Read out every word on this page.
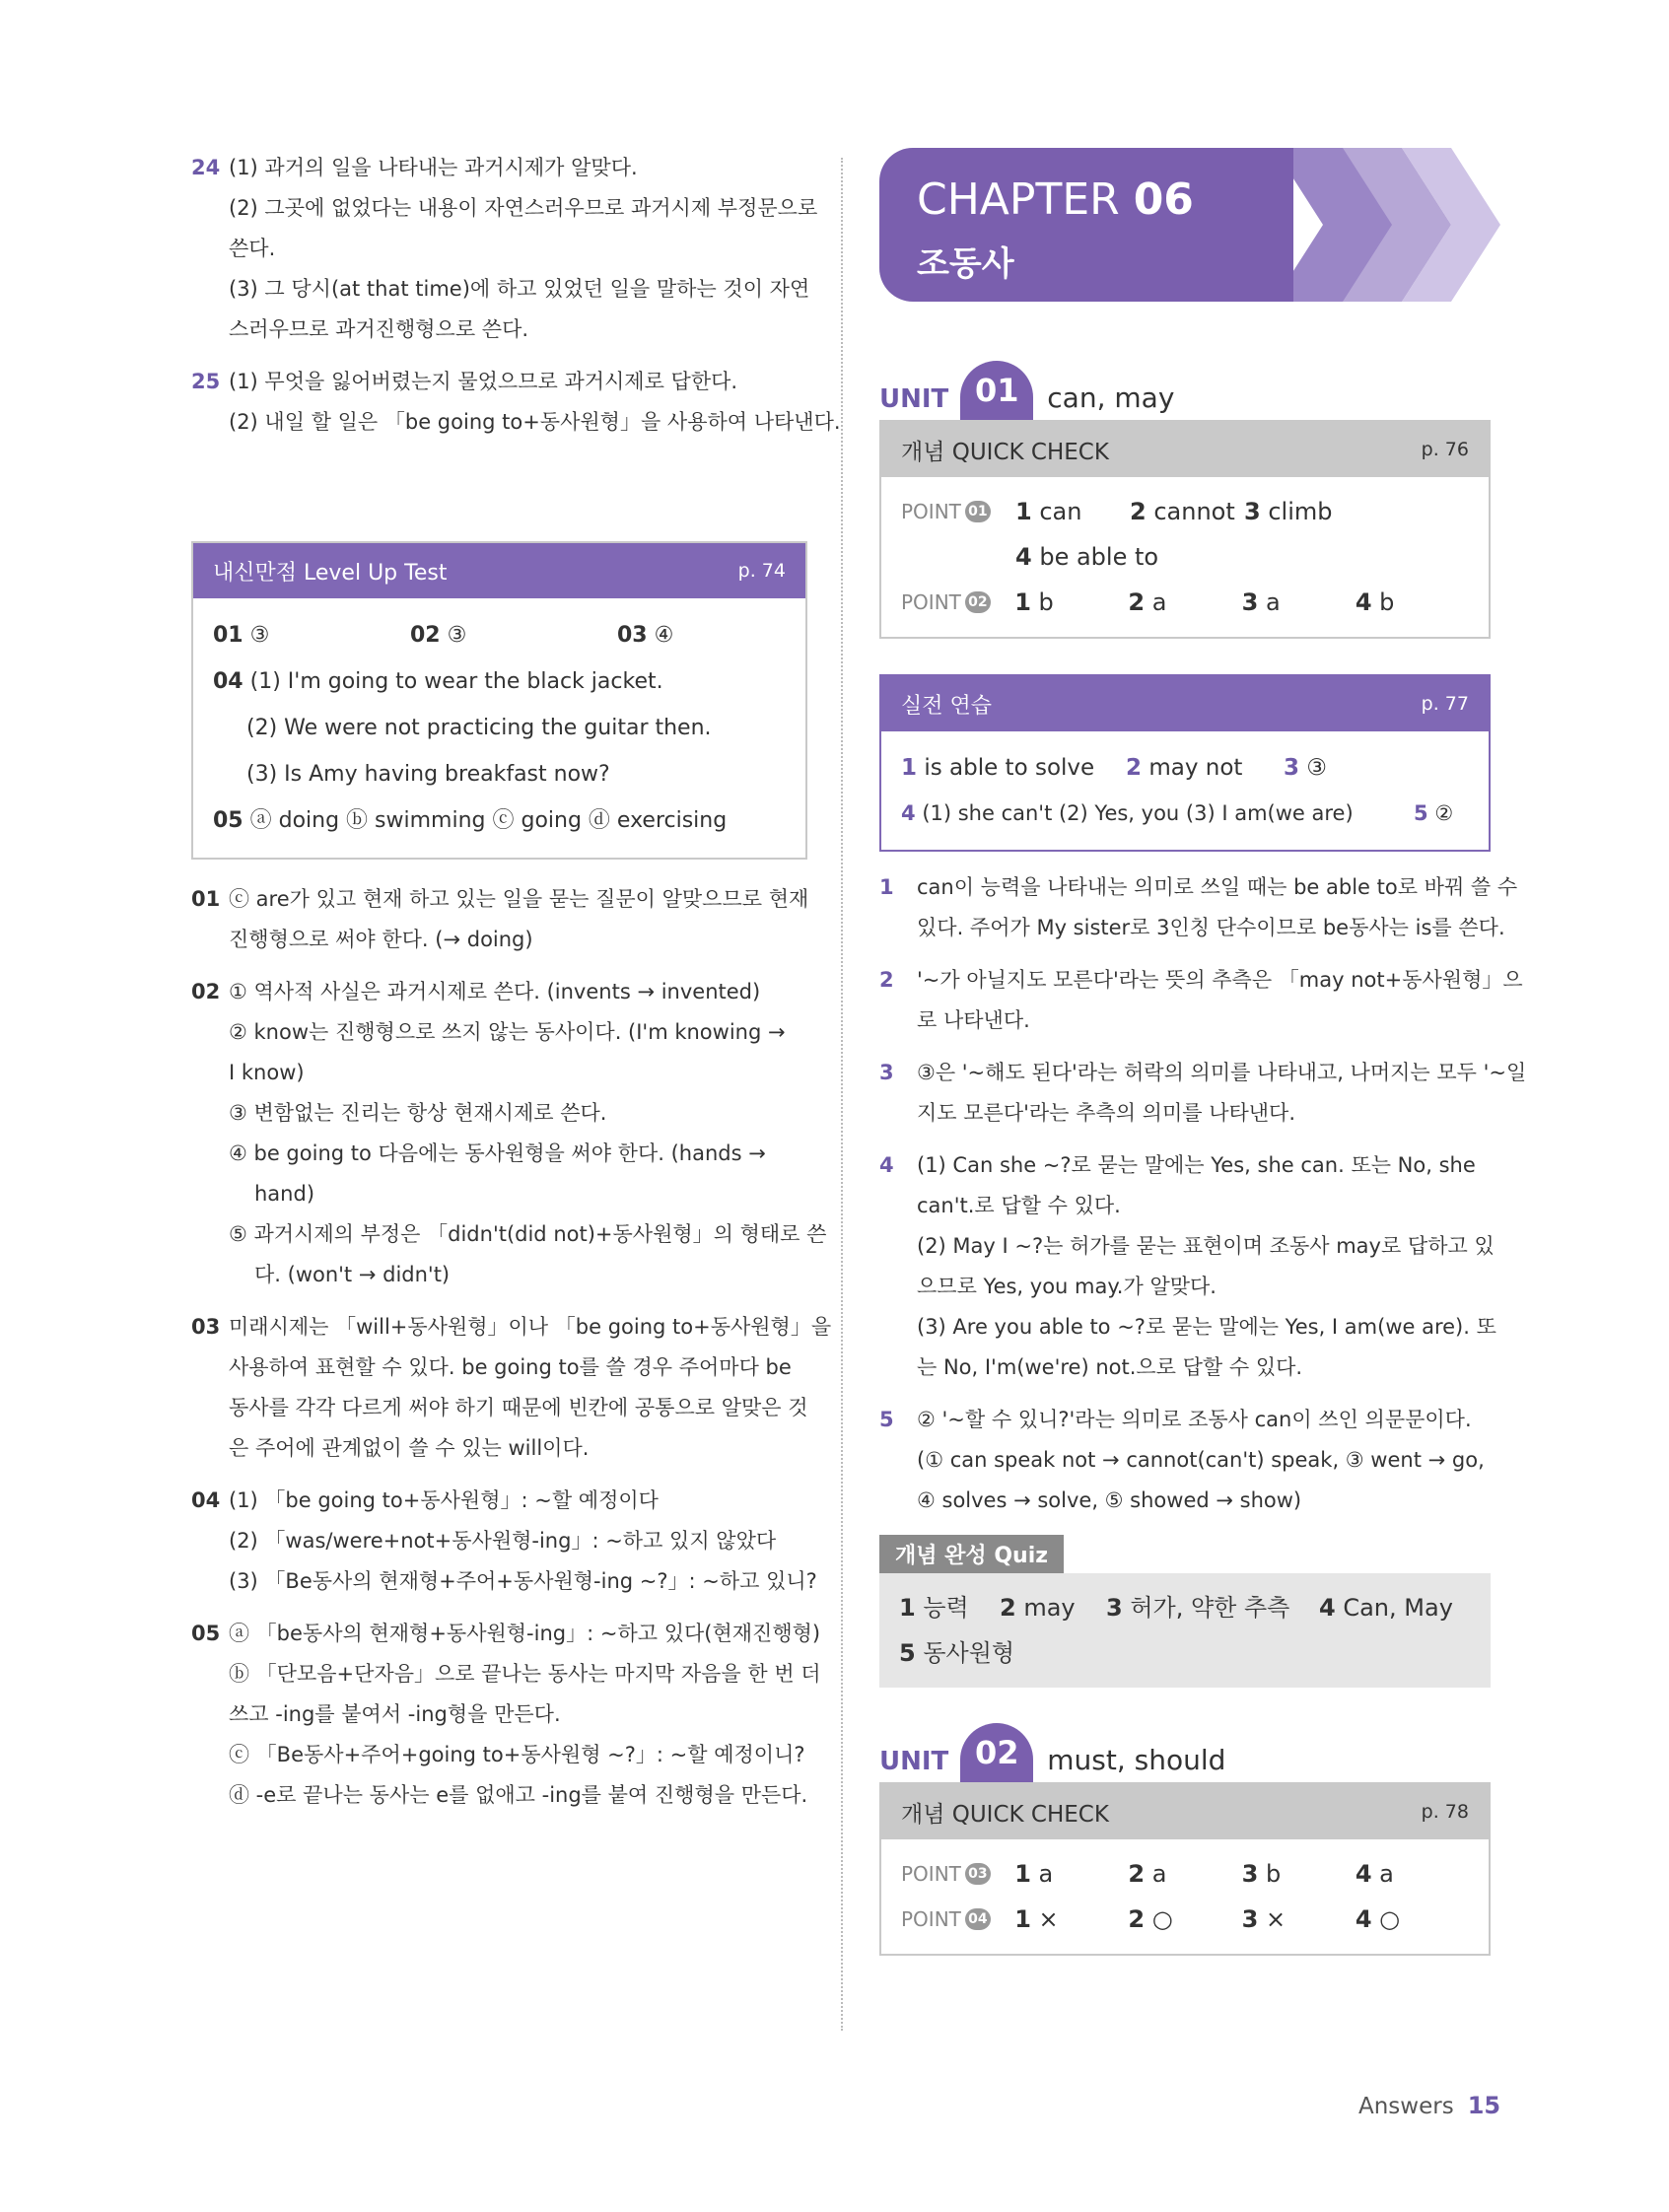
24 (1) 과거의 일을 나타내는 과거시제가 알맞다.
(2) 그곳에 없었다는 내용이 자연스러우므로 과거시제 부정문으로
쓴다.
(3) 그 당시(at that time)에 하고 있었던 일을 말하는 것이 자연
스러우므로 과거진행형으로 쓴다.
25 (1) 무엇을 잃어버렸는지 물었으므로 과거시제로 답한다.
(2) 내일 할 일은 「be going to+동사원형」을 사용하여 나타낸다.
내신만점 Level Up Test	p. 74
01 ③	02 ③	03 ④
04 (1) I'm going to wear the black jacket.
(2) We were not practicing the guitar then.
(3) Is Amy having breakfast now?
05 ⓐ doing ⓑ swimming ⓒ going ⓓ exercising
01 ⓒ are가 있고 현재 하고 있는 일을 묻는 질문이 알맞으므로 현재
진행형으로 써야 한다. (→ doing)
02 ① 역사적 사실은 과거시제로 쓴다. (invents → invented)
② know는 진행형으로 쓰지 않는 동사이다. (I'm knowing →
I know)
③ 변함없는 진리는 항상 현재시제로 쓴다.
④ be going to 다음에는 동사원형을 써야 한다. (hands →
hand)
⑤ 과거시제의 부정은 「didn't(did not)+동사원형」의 형태로 쓴
다. (won't → didn't)
03 미래시제는 「will+동사원형」이나 「be going to+동사원형」을
사용하여 표현할 수 있다. be going to를 쓸 경우 주어마다 be
동사를 각각 다르게 써야 하기 때문에 빈칸에 공통으로 알맞은 것
은 주어에 관계없이 쓸 수 있는 will이다.
04 (1) 「be going to+동사원형」: ~할 예정이다
(2) 「was/were+not+동사원형-ing」: ~하고 있지 않았다
(3) 「Be동사의 현재형+주어+동사원형-ing ~?」: ~하고 있니?
05 ⓐ 「be동사의 현재형+동사원형-ing」: ~하고 있다(현재진행형)
ⓑ 「단모음+단자음」으로 끝나는 동사는 마지막 자음을 한 번 더
쓰고 -ing를 붙여서 -ing형을 만든다.
ⓒ 「Be동사+주어+going to+동사원형 ~?」: ~할 예정이니?
ⓓ -e로 끝나는 동사는 e를 없애고 -ing를 붙여 진행형을 만든다.
CHAPTER 06
조동사
UNIT 01	can, may
개념 QUICK CHECK	p. 76
POINT 01 1 can	2 cannot 3 climb
4 be able to
POINT 02 1 b	2 a	3 a	4 b
실전 연습	p. 77
1 is able to solve	2 may not	3 ③
4 (1) she can't (2) Yes, you (3) I am(we are)	5 ②
1	can이 능력을 나타내는 의미로 쓰일 때는 be able to로 바꿔 쓸 수
있다. 주어가 My sister로 3인칭 단수이므로 be동사는 is를 쓴다.
2	'~가 아닐지도 모른다'라는 뜻의 추측은 「may not+동사원형」으
로 나타낸다.
3	③은 '~해도 된다'라는 허락의 의미를 나타내고, 나머지는 모두 '~일
지도 모른다'라는 추측의 의미를 나타낸다.
4	(1) Can she ~?로 묻는 말에는 Yes, she can. 또는 No, she
can't.로 답할 수 있다.
(2) May I ~?는 허가를 묻는 표현이며 조동사 may로 답하고 있
으므로 Yes, you may.가 알맞다.
(3) Are you able to ~?로 묻는 말에는 Yes, I am(we are). 또
는 No, I'm(we're) not.으로 답할 수 있다.
5	② '~할 수 있니?'라는 의미로 조동사 can이 쓰인 의문문이다.
(① can speak not → cannot(can't) speak, ③ went → go,
④ solves → solve, ⑤ showed → show)
개념 완성 Quiz
1 능력	2 may	3 허가, 약한 추측	4 Can, May
5 동사원형
UNIT 02	must, should
개념 QUICK CHECK	p. 78
POINT 03 1 a	2 a	3 b	4 a
POINT 04 1 ×	2 ○	3 ×	4 ○
Answers 15
